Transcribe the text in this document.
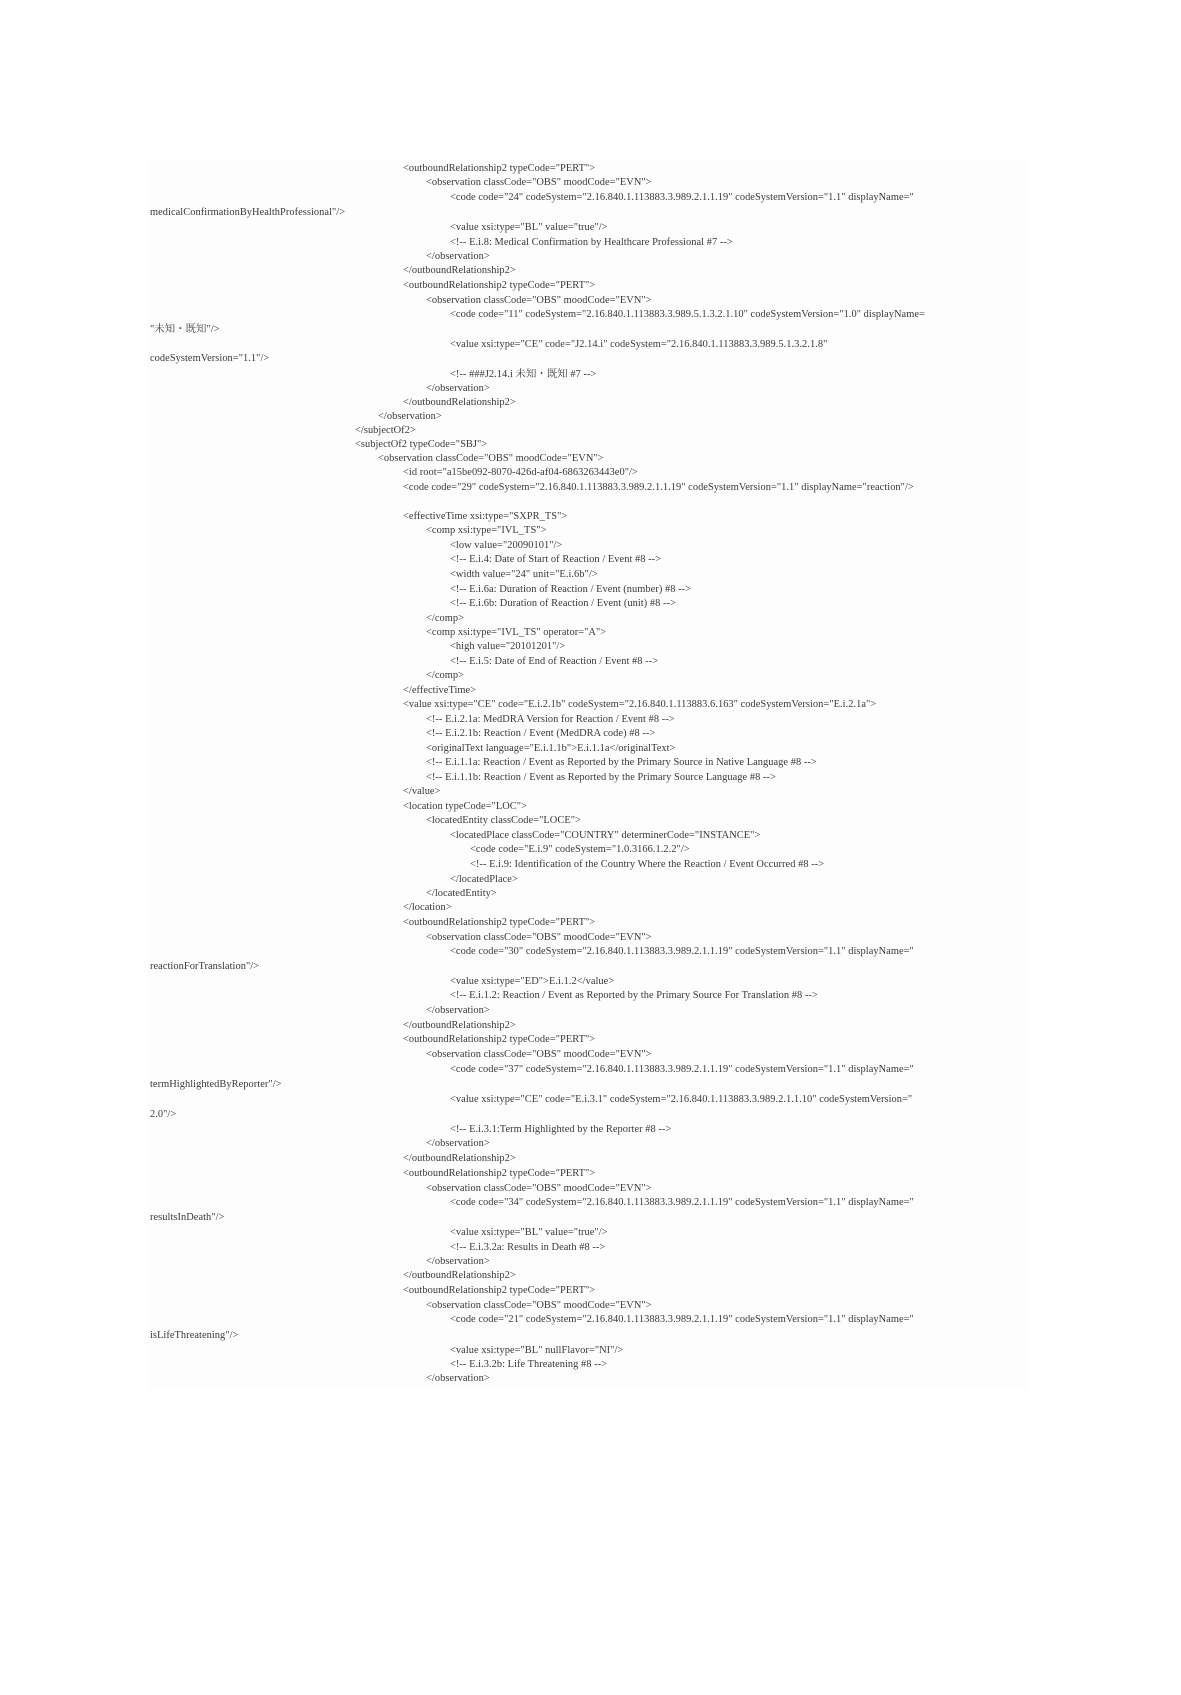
<outboundRelationship2 typeCode="PERT">
<observation classCode="OBS" moodCode="EVN">
<code code="24" codeSystem="2.16.840.1.113883.3.989.2.1.1.19" codeSystemVersion="1.1" displayName="
medicalConfirmationByHealthProfessional"/>
<value xsi:type="BL" value="true"/>
<!-- E.i.8: Medical Confirmation by Healthcare Professional #7 -->
</observation>
</outboundRelationship2>
<outboundRelationship2 typeCode="PERT">
<observation classCode="OBS" moodCode="EVN">
<code code="11" codeSystem="2.16.840.1.113883.3.989.5.1.3.2.1.10" codeSystemVersion="1.0" displayName=
"未知・既知"/>
<value xsi:type="CE" code="J2.14.i" codeSystem="2.16.840.1.113883.3.989.5.1.3.2.1.8"
codeSystemVersion="1.1"/>
<!-- ###J2.14.i 未知・既知 #7 -->
</observation>
</outboundRelationship2>
</observation>
</subjectOf2>
<subjectOf2 typeCode="SBJ">
<observation classCode="OBS" moodCode="EVN">
<id root="a15be092-8070-426d-af04-6863263443e0"/>
<code code="29" codeSystem="2.16.840.1.113883.3.989.2.1.1.19" codeSystemVersion="1.1" displayName="reaction"/>
<effectiveTime xsi:type="SXPR_TS">
<comp xsi:type="IVL_TS">
<low value="20090101"/>
<!-- E.i.4: Date of Start of Reaction / Event #8 -->
<width value="24" unit="E.i.6b"/>
<!-- E.i.6a: Duration of Reaction / Event (number) #8 -->
<!-- E.i.6b: Duration of Reaction / Event (unit) #8 -->
</comp>
<comp xsi:type="IVL_TS" operator="A">
<high value="20101201"/>
<!-- E.i.5: Date of End of Reaction / Event #8 -->
</comp>
</effectiveTime>
<value xsi:type="CE" code="E.i.2.1b" codeSystem="2.16.840.1.113883.6.163" codeSystemVersion="E.i.2.1a">
<!-- E.i.2.1a: MedDRA Version for Reaction / Event #8 -->
<!-- E.i.2.1b: Reaction / Event (MedDRA code) #8 -->
<originalText language="E.i.1.1b">E.i.1.1a</originalText>
<!-- E.i.1.1a: Reaction / Event as Reported by the Primary Source in Native Language #8 -->
<!-- E.i.1.1b: Reaction / Event as Reported by the Primary Source Language #8 -->
</value>
<location typeCode="LOC">
<locatedEntity classCode="LOCE">
<locatedPlace classCode="COUNTRY" determinerCode="INSTANCE">
<code code="E.i.9" codeSystem="1.0.3166.1.2.2"/>
<!-- E.i.9: Identification of the Country Where the Reaction / Event Occurred #8 -->
</locatedPlace>
</locatedEntity>
</location>
<outboundRelationship2 typeCode="PERT">
<observation classCode="OBS" moodCode="EVN">
<code code="30" codeSystem="2.16.840.1.113883.3.989.2.1.1.19" codeSystemVersion="1.1" displayName="
reactionForTranslation"/>
<value xsi:type="ED">E.i.1.2</value>
<!-- E.i.1.2: Reaction / Event as Reported by the Primary Source For Translation #8 -->
</observation>
</outboundRelationship2>
<outboundRelationship2 typeCode="PERT">
<observation classCode="OBS" moodCode="EVN">
<code code="37" codeSystem="2.16.840.1.113883.3.989.2.1.1.19" codeSystemVersion="1.1" displayName="
termHighlightedByReporter"/>
<value xsi:type="CE" code="E.i.3.1" codeSystem="2.16.840.1.113883.3.989.2.1.1.10" codeSystemVersion="
2.0"/>
<!-- E.i.3.1:Term Highlighted by the Reporter #8 -->
</observation>
</outboundRelationship2>
<outboundRelationship2 typeCode="PERT">
<observation classCode="OBS" moodCode="EVN">
<code code="34" codeSystem="2.16.840.1.113883.3.989.2.1.1.19" codeSystemVersion="1.1" displayName="
resultsInDeath"/>
<value xsi:type="BL" value="true"/>
<!-- E.i.3.2a: Results in Death #8 -->
</observation>
</outboundRelationship2>
<outboundRelationship2 typeCode="PERT">
<observation classCode="OBS" moodCode="EVN">
<code code="21" codeSystem="2.16.840.1.113883.3.989.2.1.1.19" codeSystemVersion="1.1" displayName="
isLifeThreatening"/>
<value xsi:type="BL" nullFlavor="NI"/>
<!-- E.i.3.2b: Life Threatening #8 -->
</observation>
